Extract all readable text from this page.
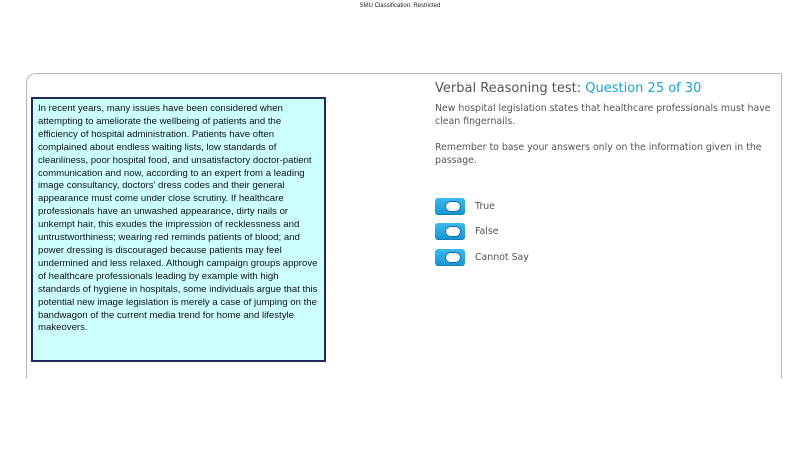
SMU Classification: Restricted
In recent years, many issues have been considered when attempting to ameliorate the wellbeing of patients and the efficiency of hospital administration. Patients have often complained about endless waiting lists, low standards of cleanliness, poor hospital food, and unsatisfactory doctor-patient communication and now, according to an expert from a leading image consultancy, doctors' dress codes and their general appearance must come under close scrutiny. If healthcare professionals have an unwashed appearance, dirty nails or unkempt hair, this exudes the impression of recklessness and untrustworthiness; wearing red reminds patients of blood; and power dressing is discouraged because patients may feel undermined and less relaxed. Although campaign groups approve of healthcare professionals leading by example with high standards of hygiene in hospitals, some individuals argue that this potential new image legislation is merely a case of jumping on the bandwagon of the current media trend for home and lifestyle makeovers.
Verbal Reasoning test: Question 25 of 30
New hospital legislation states that healthcare professionals must have clean fingernails.
Remember to base your answers only on the information given in the passage.
True
False
Cannot Say
